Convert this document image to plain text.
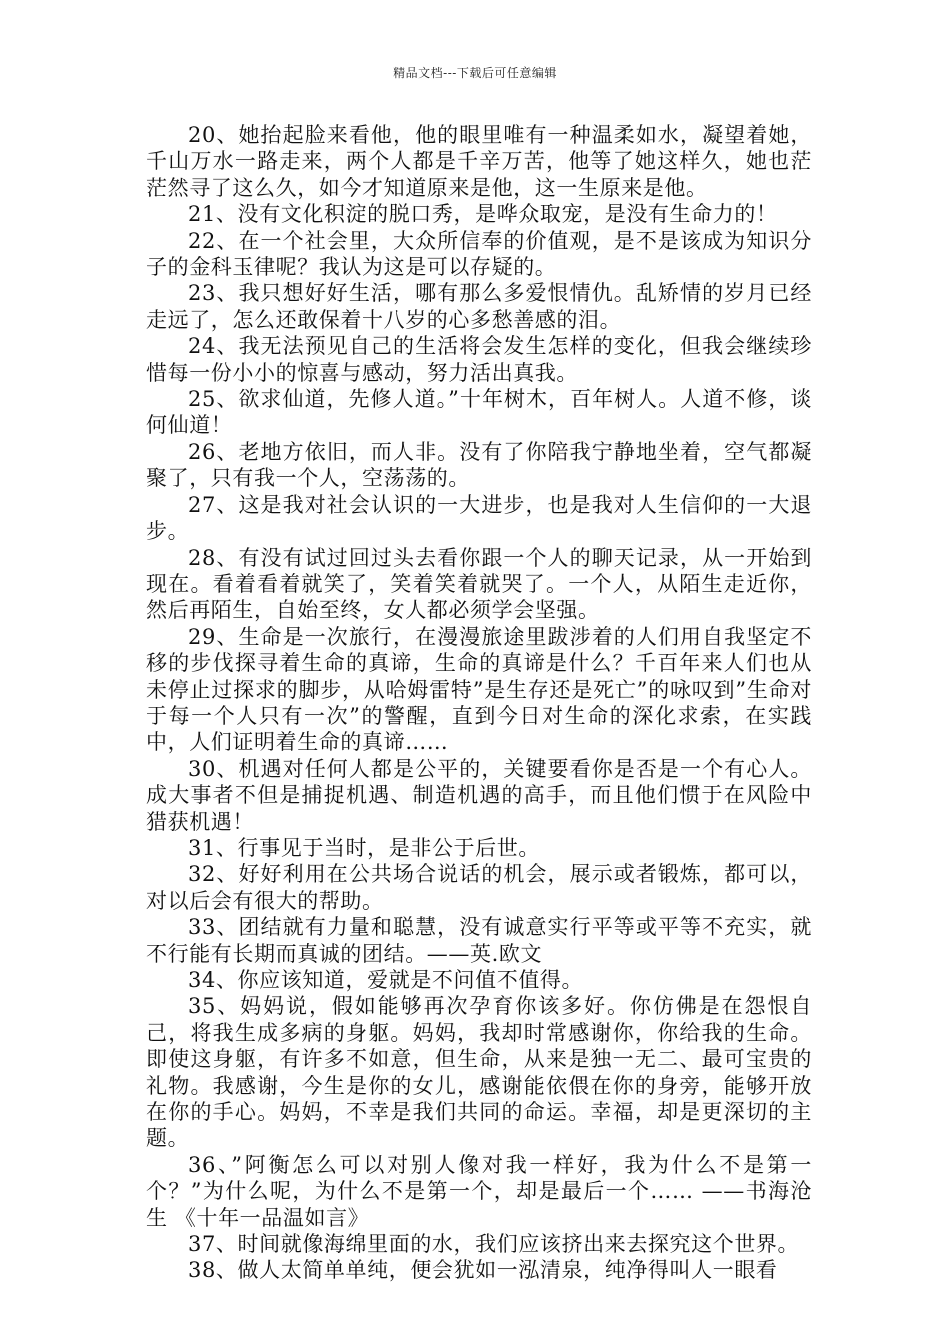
精品文档---下载后可任意编辑

20、她抬起脸来看他，他的眼里唯有一种温柔如水，凝望着她，千山万水一路走来，两个人都是千辛万苦，他等了她这样久，她也茫茫然寻了这么久，如今才知道原来是他，这一生原来是他。

21、没有文化积淀的脱口秀，是哗众取宠，是没有生命力的！

22、在一个社会里，大众所信奉的价值观，是不是该成为知识分子的金科玉律呢？我认为这是可以存疑的。

23、我只想好好生活，哪有那么多爱恨情仇。乱矫情的岁月已经走远了，怎么还敢保着十八岁的心多愁善感的泪。

24、我无法预见自己的生活将会发生怎样的变化，但我会继续珍惜每一份小小的惊喜与感动，努力活出真我。

25、欲求仙道，先修人道。”十年树木，百年树人。人道不修，谈何仙道！

26、老地方依旧，而人非。没有了你陪我宁静地坐着，空气都凝聚了，只有我一个人，空荡荡的。

27、这是我对社会认识的一大进步，也是我对人生信仰的一大退步。

28、有没有试过回过头去看你跟一个人的聊天记录，从一开始到现在。看着看着就笑了，笑着笑着就哭了。一个人，从陌生走近你，然后再陌生，自始至终，女人都必须学会坚强。

29、生命是一次旅行，在漫漫旅途里跋涉着的人们用自我坚定不移的步伐探寻着生命的真谛，生命的真谛是什么？千百年来人们也从未停止过探求的脚步，从哈姆雷特”是生存还是死亡”的咏叹到”生命对于每一个人只有一次”的警醒，直到今日对生命的深化求索，在实践中，人们证明着生命的真谛……

30、机遇对任何人都是公平的，关键要看你是否是一个有心人。成大事者不但是捕捉机遇、制造机遇的高手，而且他们惯于在风险中猎获机遇！

31、行事见于当时，是非公于后世。

32、好好利用在公共场合说话的机会，展示或者锻炼，都可以，对以后会有很大的帮助。

33、团结就有力量和聪慧，没有诚意实行平等或平等不充实，就不行能有长期而真诚的团结。——英.欧文

34、你应该知道，爱就是不问值不值得。

35、妈妈说，假如能够再次孕育你该多好。你仿佛是在怨恨自己，将我生成多病的身躯。妈妈，我却时常感谢你，你给我的生命。即使这身躯，有许多不如意，但生命，从来是独一无二、最可宝贵的礼物。我感谢，今生是你的女儿，感谢能依偎在你的身旁，能够开放在你的手心。妈妈，不幸是我们共同的命运。幸福，却是更深切的主题。

36、”阿衡怎么可以对别人像对我一样好，我为什么不是第一个？”为什么呢，为什么不是第一个，却是最后一个…… ——书海沧生 《十年一品温如言》

37、时间就像海绵里面的水，我们应该挤出来去探究这个世界。

38、做人太简单单纯，便会犹如一泓清泉，纯净得叫人一眼看
